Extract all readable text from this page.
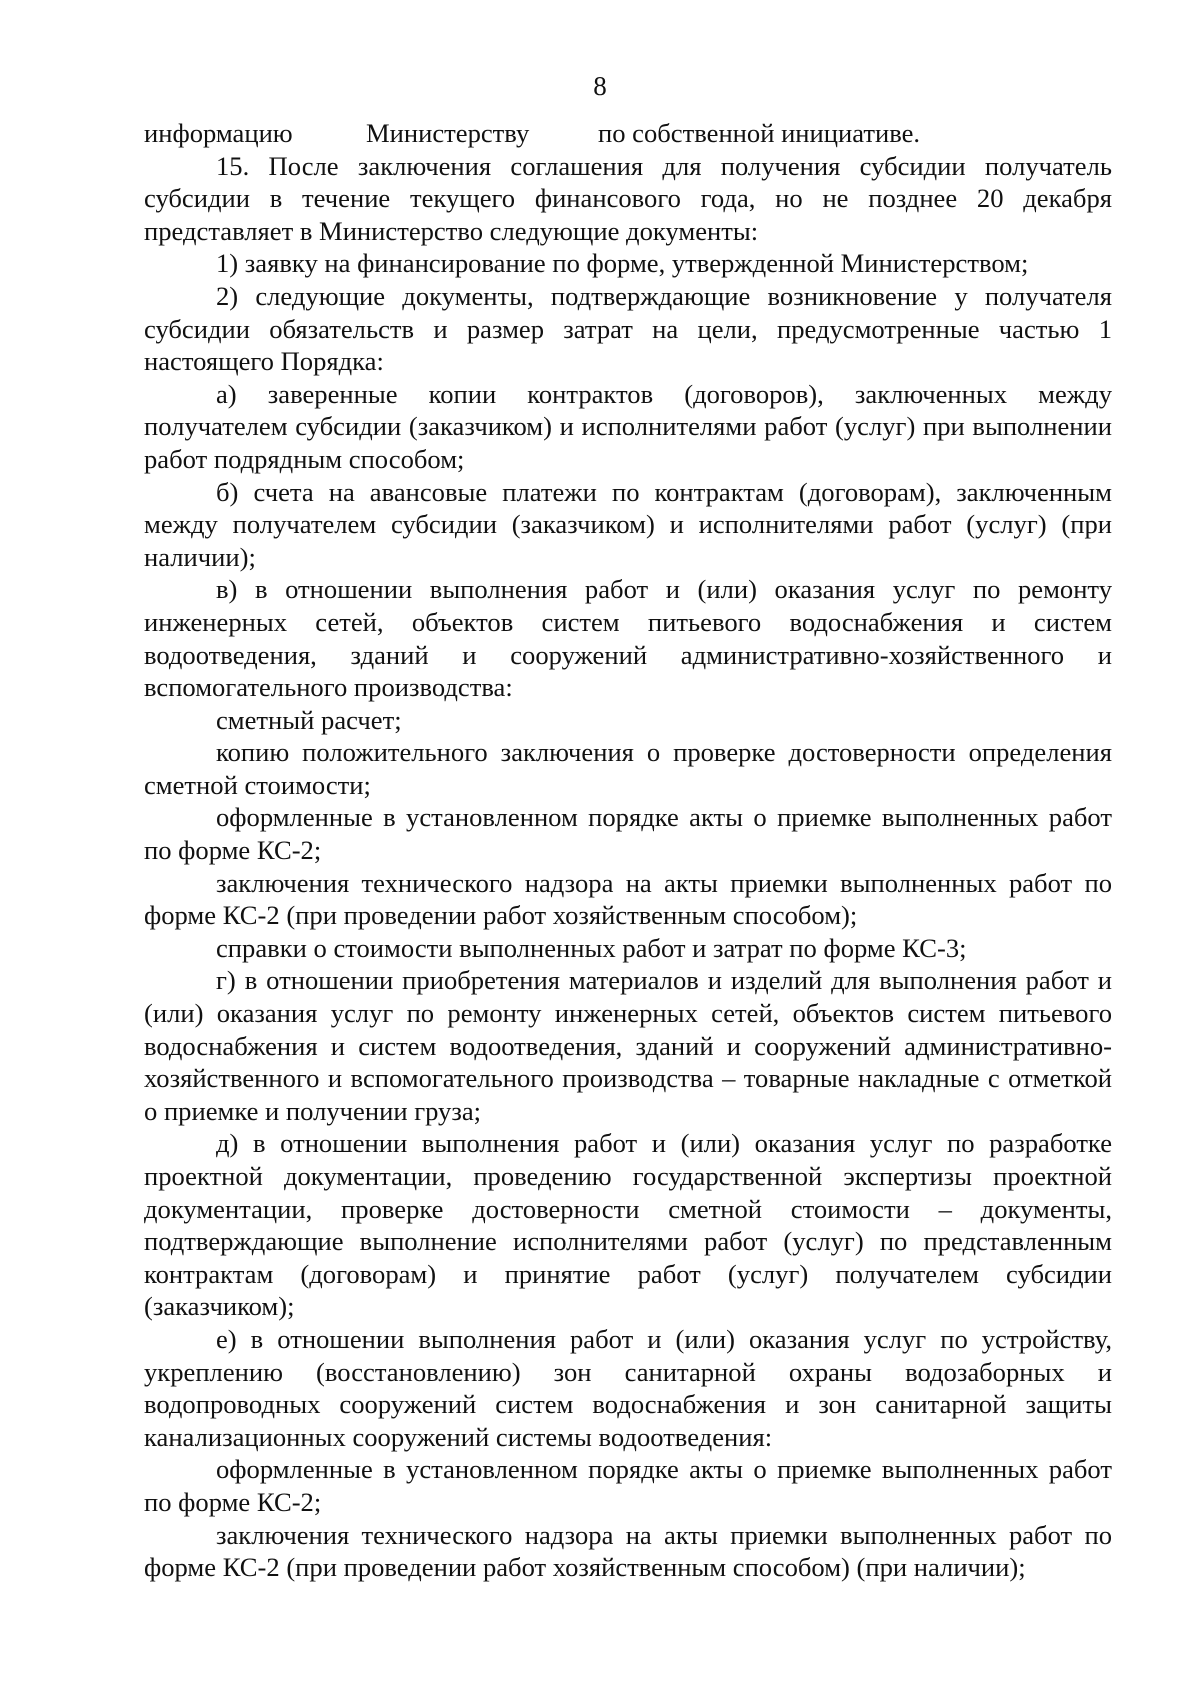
8
информацию	Министерству	по собственной инициативе.

15. После заключения соглашения для получения субсидии получатель субсидии в течение текущего финансового года, но не позднее 20 декабря представляет в Министерство следующие документы:

1) заявку на финансирование по форме, утвержденной Министерством;

2) следующие документы, подтверждающие возникновение у получателя субсидии обязательств и размер затрат на цели, предусмотренные частью 1 настоящего Порядка:

а) заверенные копии контрактов (договоров), заключенных между получателем субсидии (заказчиком) и исполнителями работ (услуг) при выполнении работ подрядным способом;

б) счета на авансовые платежи по контрактам (договорам), заключенным между получателем субсидии (заказчиком) и исполнителями работ (услуг) (при наличии);

в) в отношении выполнения работ и (или) оказания услуг по ремонту инженерных сетей, объектов систем питьевого водоснабжения и систем водоотведения, зданий и сооружений административно-хозяйственного и вспомогательного производства:

сметный расчет;

копию положительного заключения о проверке достоверности определения сметной стоимости;

оформленные в установленном порядке акты о приемке выполненных работ по форме КС-2;

заключения технического надзора на акты приемки выполненных работ по форме КС-2 (при проведении работ хозяйственным способом);

справки о стоимости выполненных работ и затрат по форме КС-3;

г) в отношении приобретения материалов и изделий для выполнения работ и (или) оказания услуг по ремонту инженерных сетей, объектов систем питьевого водоснабжения и систем водоотведения, зданий и сооружений административно-хозяйственного и вспомогательного производства – товарные накладные с отметкой о приемке и получении груза;

д) в отношении выполнения работ и (или) оказания услуг по разработке проектной документации, проведению государственной экспертизы проектной документации, проверке достоверности сметной стоимости – документы, подтверждающие выполнение исполнителями работ (услуг) по представленным контрактам (договорам) и принятие работ (услуг) получателем субсидии (заказчиком);

е) в отношении выполнения работ и (или) оказания услуг по устройству, укреплению (восстановлению) зон санитарной охраны водозаборных и водопроводных сооружений систем водоснабжения и зон санитарной защиты канализационных сооружений системы водоотведения:

оформленные в установленном порядке акты о приемке выполненных работ по форме КС-2;

заключения технического надзора на акты приемки выполненных работ по форме КС-2 (при проведении работ хозяйственным способом) (при наличии);
